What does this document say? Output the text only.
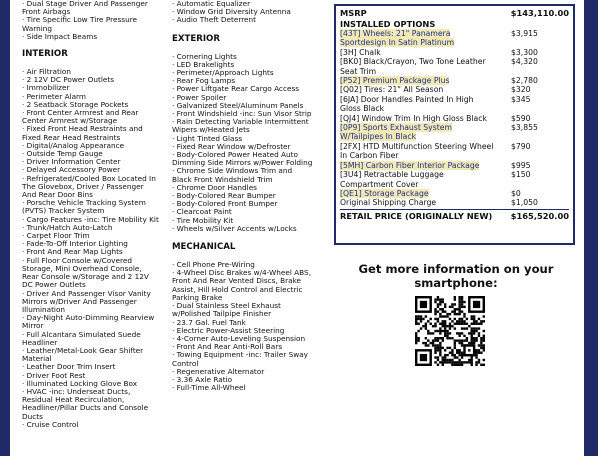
· Dual Stage Driver And Passenger
Front Airbags
· Tire Specific Low Tire Pressure
Warning
· Side Impact Beams
INTERIOR
· Air Filtration
· 2 12V DC Power Outlets
· Immobilizer
· Perimeter Alarm
· 2 Seatback Storage Pockets
· Front Center Armrest and Rear
Center Armrest w/Storage
· Fixed Front Head Restraints and
Fixed Rear Head Restraints
· Digital/Analog Appearance
· Outside Temp Gauge
· Driver Information Center
· Delayed Accessory Power
· Refrigerated/Cooled Box Located In
The Glovebox, Driver / Passenger
And Rear Door Bins
· Porsche Vehicle Tracking System
(PVTS) Tracker System
· Cargo Features -inc: Tire Mobility Kit
· Trunk/Hatch Auto-Latch
· Carpet Floor Trim
· Fade-To-Off Interior Lighting
· Front And Rear Map Lights
· Full Floor Console w/Covered
Storage, Mini Overhead Console,
Rear Console w/Storage and 2 12V
DC Power Outlets
· Driver And Passenger Visor Vanity
Mirrors w/Driver And Passenger
Illumination
· Day-Night Auto-Dimming Rearview
Mirror
· Full Alcantara Simulated Suede
Headliner
· Leather/Metal-Look Gear Shifter
Material
· Leather Door Trim Insert
· Driver Foot Rest
· Illuminated Locking Glove Box
· HVAC -inc: Underseat Ducts,
Residual Heat Recirculation,
Headliner/Pillar Ducts and Console
Ducts
· Cruise Control
· Automatic Equalizer
· Window Grid Diversity Antenna
· Audio Theft Deterrent
EXTERIOR
· Cornering Lights
· LED Brakelights
· Perimeter/Approach Lights
· Rear Fog Lamps
· Power Liftgate Rear Cargo Access
· Power Spoiler
· Galvanized Steel/Aluminum Panels
· Front Windshield -inc: Sun Visor Strip
· Rain Detecting Variable Intermittent
Wipers w/Heated Jets
· Light Tinted Glass
· Fixed Rear Window w/Defroster
· Body-Colored Power Heated Auto
Dimming Side Mirrors w/Power Folding
· Chrome Side Windows Trim and
Black Front Windshield Trim
· Chrome Door Handles
· Body-Colored Rear Bumper
· Body-Colored Front Bumper
· Clearcoat Paint
· Tire Mobility Kit
· Wheels w/Silver Accents w/Locks
MECHANICAL
· Cell Phone Pre-Wiring
· 4-Wheel Disc Brakes w/4-Wheel ABS,
Front And Rear Vented Discs, Brake
Assist, Hill Hold Control and Electric
Parking Brake
· Dual Stainless Steel Exhaust
w/Polished Tailpipe Finisher
· 23.7 Gal. Fuel Tank
· Electric Power-Assist Steering
· 4-Corner Auto-Leveling Suspension
· Front And Rear Anti-Roll Bars
· Towing Equipment -inc: Trailer Sway
Control
· Regenerative Alternator
· 3.36 Axle Ratio
· Full-Time All-Wheel
MSRP	$143,110.00
INSTALLED OPTIONS
[43T] Wheels: 21" Panamera
Sportdesign In Satin Platinum
$3,915
[3H] Chalk	$3,300
[BK0] Black/Crayon, Two Tone Leather
Seat Trim
$4,320
[P52] Premium Package Plus	$2,780
[Q02] Tires: 21" All Season	$320
[6JA] Door Handles Painted In High
Gloss Black
$345
[QJ4] Window Trim In High Gloss Black	$590
[0P9] Sports Exhaust System
W/Tailpipes In Black
$3,855
[2FX] HTD Multifunction Steering Wheel
In Carbon Fiber
$790
[5MH] Carbon Fiber Interior Package	$995
[3U4] Retractable Luggage
Compartment Cover
$150
[QE1] Storage Package	$0
Original Shipping Charge	$1,050
RETAIL PRICE (ORIGINALLY NEW)	$165,520.00
Get more information on your smartphone:
